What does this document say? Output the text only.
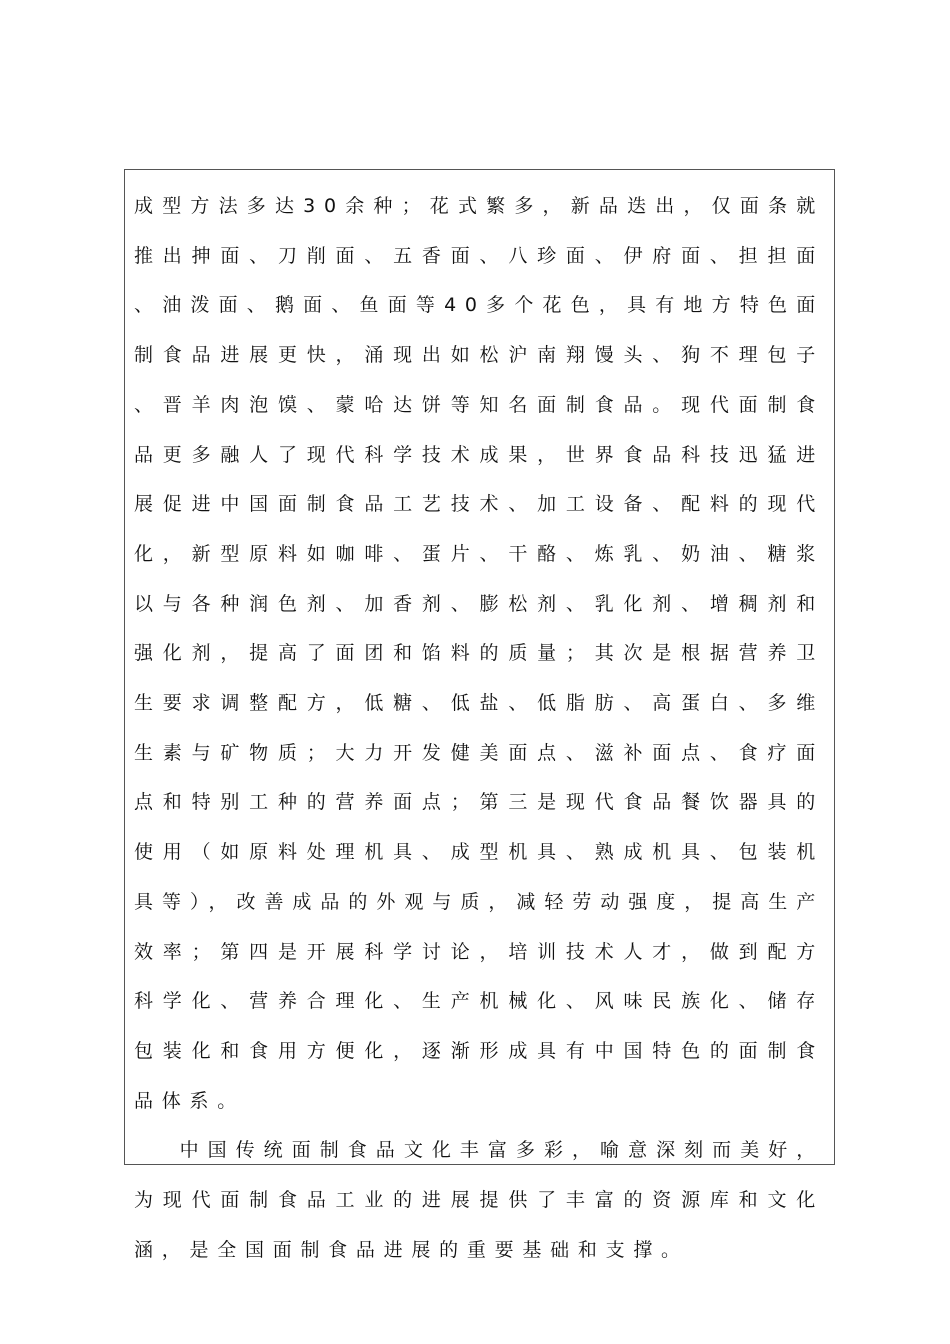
成型方法多达30余种；花式繁多，新品迭出，仅面条就推出抻面、刀削面、五香面、八珍面、伊府面、担担面、油泼面、鹅面、鱼面等40多个花色，具有地方特色面制食品进展更快，涌现出如松沪南翔馒头、狗不理包子、晋羊肉泡馍、蒙哈达饼等知名面制食品。现代面制食品更多融人了现代科学技术成果，世界食品科技迅猛进展促进中国面制食品工艺技术、加工设备、配料的现代化，新型原料如咖啡、蛋片、干酪、炼乳、奶油、糖浆以与各种润色剂、加香剂、膨松剂、乳化剂、增稠剂和强化剂，提高了面团和馅料的质量；其次是根据营养卫生要求调整配方，低糖、低盐、低脂肪、高蛋白、多维生素与矿物质；大力开发健美面点、滋补面点、食疗面点和特别工种的营养面点；第三是现代食品餐饮器具的使用（如原料处理机具、成型机具、熟成机具、包装机具等），改善成品的外观与质，减轻劳动强度，提高生产效率；第四是开展科学讨论，培训技术人才，做到配方科学化、营养合理化、生产机械化、风味民族化、储存包装化和食用方便化，逐渐形成具有中国特色的面制食品体系。

中国传统面制食品文化丰富多彩，喻意深刻而美好，为现代面制食品工业的进展提供了丰富的资源库和文化涵，是全国面制食品进展的重要基础和支撑。
